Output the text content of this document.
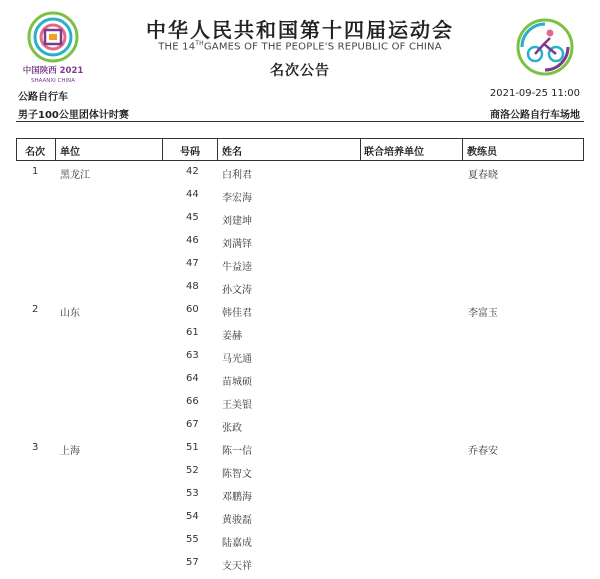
中国陕西 2021
SHAANXI CHINA
中华人民共和国第十四届运动会
THE 14THGAMES OF THE PEOPLE'S REPUBLIC OF CHINA
名次公告
公路自行车	2021-09-25 11:00
男子100公里团体计时赛	商洛公路自行车场地
名次 单位	号码 姓名	联合培养单位	教练员
1 黑龙江	42 白利君	夏春晓
44 李宏海
45 刘建坤
46 刘满铎
47 牛益逵
48 孙文涛
2 山东	60 韩佳君	李富玉
61 姜赫
63 马光通
64 苗城硕
66 王美银
67 张政
3 上海	51 陈一信	乔春安
52 陈智文
53 邓鹏海
54 黄骏磊
55 陆嘉成
57 支天祥
